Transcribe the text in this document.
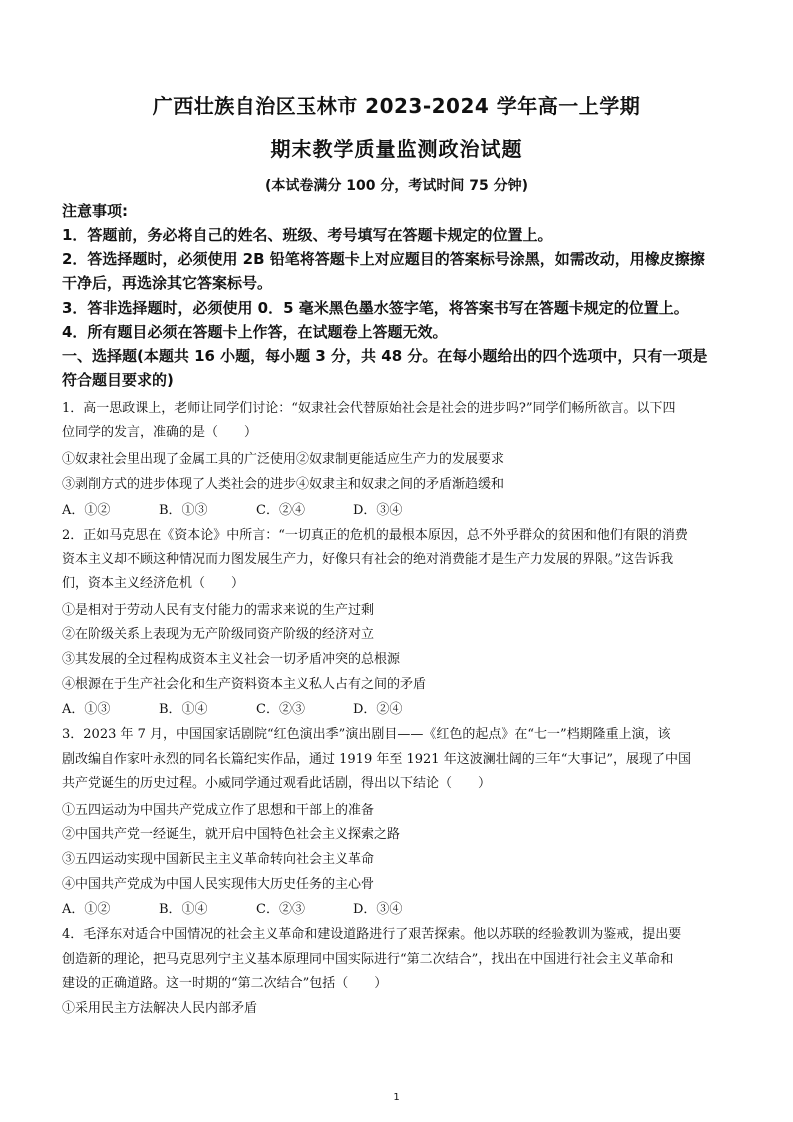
广西壮族自治区玉林市 2023-2024 学年高一上学期
期末教学质量监测政治试题
(本试卷满分 100 分，考试时间 75 分钟)
注意事项:
1．答题前，务必将自己的姓名、班级、考号填写在答题卡规定的位置上。
2．答选择题时，必须使用 2B 铅笔将答题卡上对应题目的答案标号涂黑，如需改动，用橡皮擦擦
干净后，再选涂其它答案标号。
3．答非选择题时，必须使用 0．5 毫米黑色墨水签字笔，将答案书写在答题卡规定的位置上。
4．所有题目必须在答题卡上作答，在试题卷上答题无效。
一、选择题(本题共 16 小题，每小题 3 分，共 48 分。在每小题给出的四个选项中，只有一项是
符合题目要求的)
1．高一思政课上，老师让同学们讨论：“奴隶社会代替原始社会是社会的进步吗?”同学们畅所欲言。以下四
位同学的发言，准确的是（　　）
①奴隶社会里出现了金属工具的广泛使用②奴隶制更能适应生产力的发展要求
③剥削方式的进步体现了人类社会的进步④奴隶主和奴隶之间的矛盾渐趋缓和
A．①②	B．①③	C．②④	D．③④
2．正如马克思在《资本论》中所言：“一切真正的危机的最根本原因，总不外乎群众的贫困和他们有限的消费
资本主义却不顾这种情况而力图发展生产力，好像只有社会的绝对消费能才是生产力发展的界限。”这告诉我
们，资本主义经济危机（　　）
①是相对于劳动人民有支付能力的需求来说的生产过剩
②在阶级关系上表现为无产阶级同资产阶级的经济对立
③其发展的全过程构成资本主义社会一切矛盾冲突的总根源
④根源在于生产社会化和生产资料资本主义私人占有之间的矛盾
A．①③	B．①④	C．②③	D．②④
3．2023 年 7 月，中国国家话剧院“红色演出季”演出剧目——《红色的起点》在“七一”档期隆重上演，该
剧改编自作家叶永烈的同名长篇纪实作品，通过 1919 年至 1921 年这波澜壮阔的三年“大事记”，展现了中国
共产党诞生的历史过程。小威同学通过观看此话剧，得出以下结论（　　）
①五四运动为中国共产党成立作了思想和干部上的准备
②中国共产党一经诞生，就开启中国特色社会主义探索之路
③五四运动实现中国新民主主义革命转向社会主义革命
④中国共产党成为中国人民实现伟大历史任务的主心骨
A．①②	B．①④	C．②③	D．③④
4．毛泽东对适合中国情况的社会主义革命和建设道路进行了艰苦探索。他以苏联的经验教训为鉴戒，提出要
创造新的理论，把马克思列宁主义基本原理同中国实际进行“第二次结合”，找出在中国进行社会主义革命和
建设的正确道路。这一时期的“第二次结合”包括（　　）
①采用民主方法解决人民内部矛盾
1
